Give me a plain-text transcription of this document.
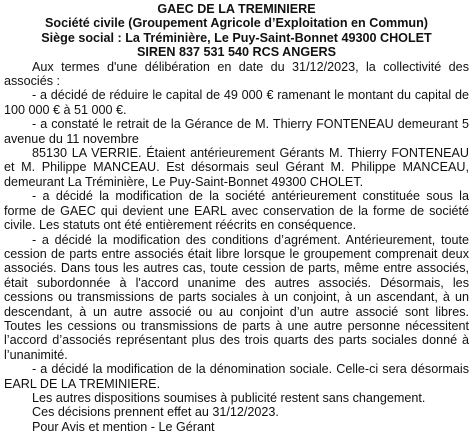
GAEC DE LA TREMINIERE
Société civile (Groupement Agricole d’Exploitation en Commun)
Siège social : La Tréminière, Le Puy-Saint-Bonnet 49300 CHOLET
SIREN 837 531 540 RCS ANGERS

Aux termes d'une délibération en date du 31/12/2023, la collectivité des associés :

- a décidé de réduire le capital de 49 000 € ramenant le montant du capital de 100 000 € à 51 000 €.

- a constaté le retrait de la Gérance de M. Thierry FONTENEAU demeurant 5 avenue du 11 novembre

85130 LA VERRIE. Étaient antérieurement Gérants M. Thierry FONTENEAU et M. Philippe MANCEAU. Est désormais seul Gérant M. Philippe MANCEAU, demeurant La Tréminière, Le Puy-Saint-Bonnet 49300 CHOLET.

- a décidé la modification de la société antérieurement constituée sous la forme de GAEC qui devient une EARL avec conservation de la forme de société civile. Les statuts ont été entièrement réécrits en conséquence.

- a décidé la modification des conditions d’agrément. Antérieurement, toute cession de parts entre associés était libre lorsque le groupement comprenait deux associés. Dans tous les autres cas, toute cession de parts, même entre associés, était subordonnée à l'accord unanime des autres associés. Désormais, les cessions ou transmissions de parts sociales à un conjoint, à un ascendant, à un descendant, à un autre associé ou au conjoint d’un autre associé sont libres. Toutes les cessions ou transmissions de parts à une autre personne nécessitent l’accord d’associés représentant plus des trois quarts des parts sociales donné à l’unanimité.

- a décidé la modification de la dénomination sociale. Celle-ci sera désormais EARL DE LA TREMINIERE.

Les autres dispositions soumises à publicité restent sans changement.

Ces décisions prennent effet au 31/12/2023.

Pour Avis et mention - Le Gérant
